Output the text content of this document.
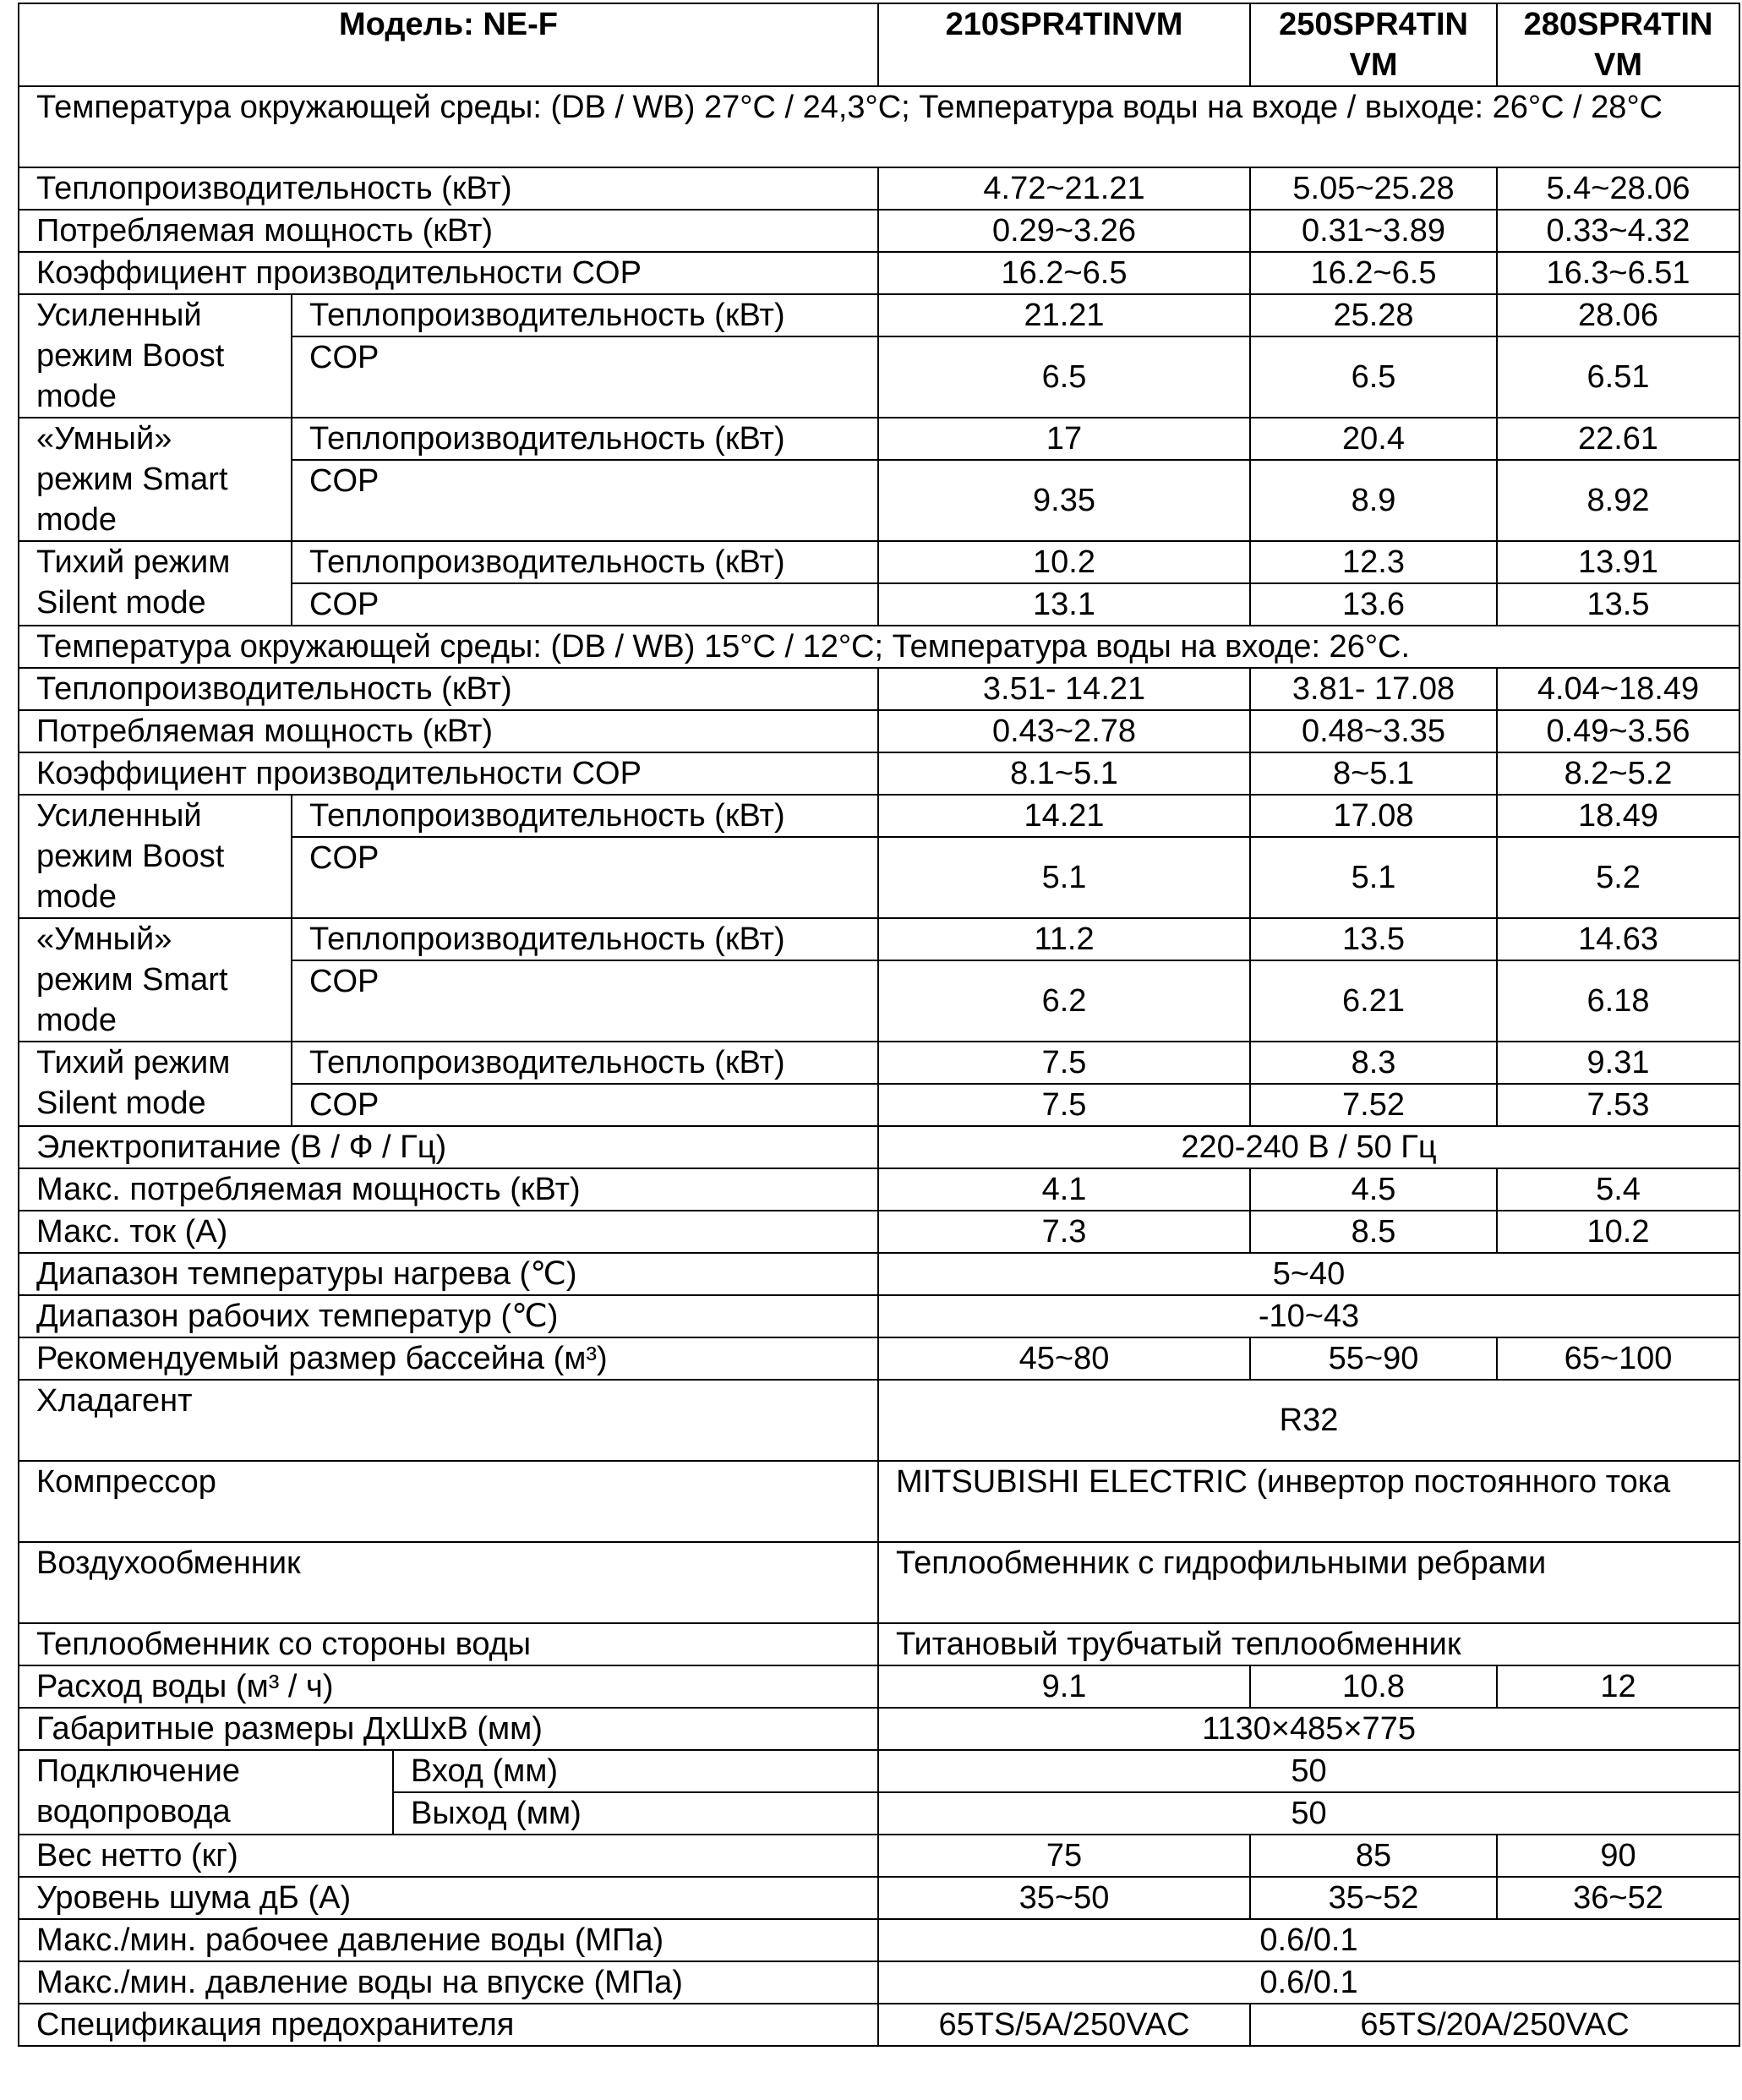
Модель: NE-F			210SPR4TINVM	250SPR4TIN VM	280SPR4TIN VM
Температура окружающей среды: (DB / WB) 27°C / 24,3°C; Температура воды на входе / выходе: 26°C / 28°C					
Теплопроизводительность (кВт)			4.72~21.21	5.05~25.28	5.4~28.06
Потребляемая мощность (кВт)			0.29~3.26	0.31~3.89	0.33~4.32
Коэффициент производительности COP			16.2~6.5	16.2~6.5	16.3~6.51
Усиленный режим Boost mode	Теплопроизводительность (кВт)		21.21	25.28	28.06
	COP		6.5	6.5	6.51
«Умный» режим Smart mode	Теплопроизводительность (кВт)		17	20.4	22.61
	COP		9.35	8.9	8.92
Тихий режим Silent mode	Теплопроизводительность (кВт)		10.2	12.3	13.91
	COP		13.1	13.6	13.5
Температура окружающей среды: (DB / WB) 15°C / 12°C; Температура воды на входе: 26°C.					
Теплопроизводительность (кВт)			3.51- 14.21	3.81- 17.08	4.04~18.49
Потребляемая мощность (кВт)			0.43~2.78	0.48~3.35	0.49~3.56
Коэффициент производительности COP			8.1~5.1	8~5.1	8.2~5.2
Усиленный режим Boost mode	Теплопроизводительность (кВт)		14.21	17.08	18.49
	COP		5.1	5.1	5.2
«Умный» режим Smart mode	Теплопроизводительность (кВт)		11.2	13.5	14.63
	COP		6.2	6.21	6.18
Тихий режим Silent mode	Теплопроизводительность (кВт)		7.5	8.3	9.31
	COP		7.5	7.52	7.53
Электропитание (В / Ф / Гц)			220-240 В / 50 Гц		
Макс. потребляемая мощность (кВт)			4.1	4.5	5.4
Макс. ток (А)			7.3	8.5	10.2
Диапазон температуры нагрева (℃)			5~40		
Диапазон рабочих температур (℃)			-10~43		
Рекомендуемый размер бассейна (м³)			45~80	55~90	65~100
Хладагент			R32		
Компрессор			MITSUBISHI ELECTRIC (инвертор постоянного тока		
Воздухообменник			Теплообменник с гидрофильными ребрами		
Теплообменник со стороны воды			Титановый трубчатый теплообменник		
Расход воды (м³ / ч)			9.1	10.8	12
Габаритные размеры ДхШхВ (мм)			1130×485×775		
Подключение водопровода		Вход (мм)	50		
		Выход (мм)	50		
Вес нетто (кг)			75	85	90
Уровень шума дБ (А)			35~50	35~52	36~52
Макс./мин. рабочее давление воды (МПа)			0.6/0.1		
Макс./мин. давление воды на впуске (МПа)			0.6/0.1		
Спецификация предохранителя			65TS/5A/250VAC	65TS/20A/250VAC	
